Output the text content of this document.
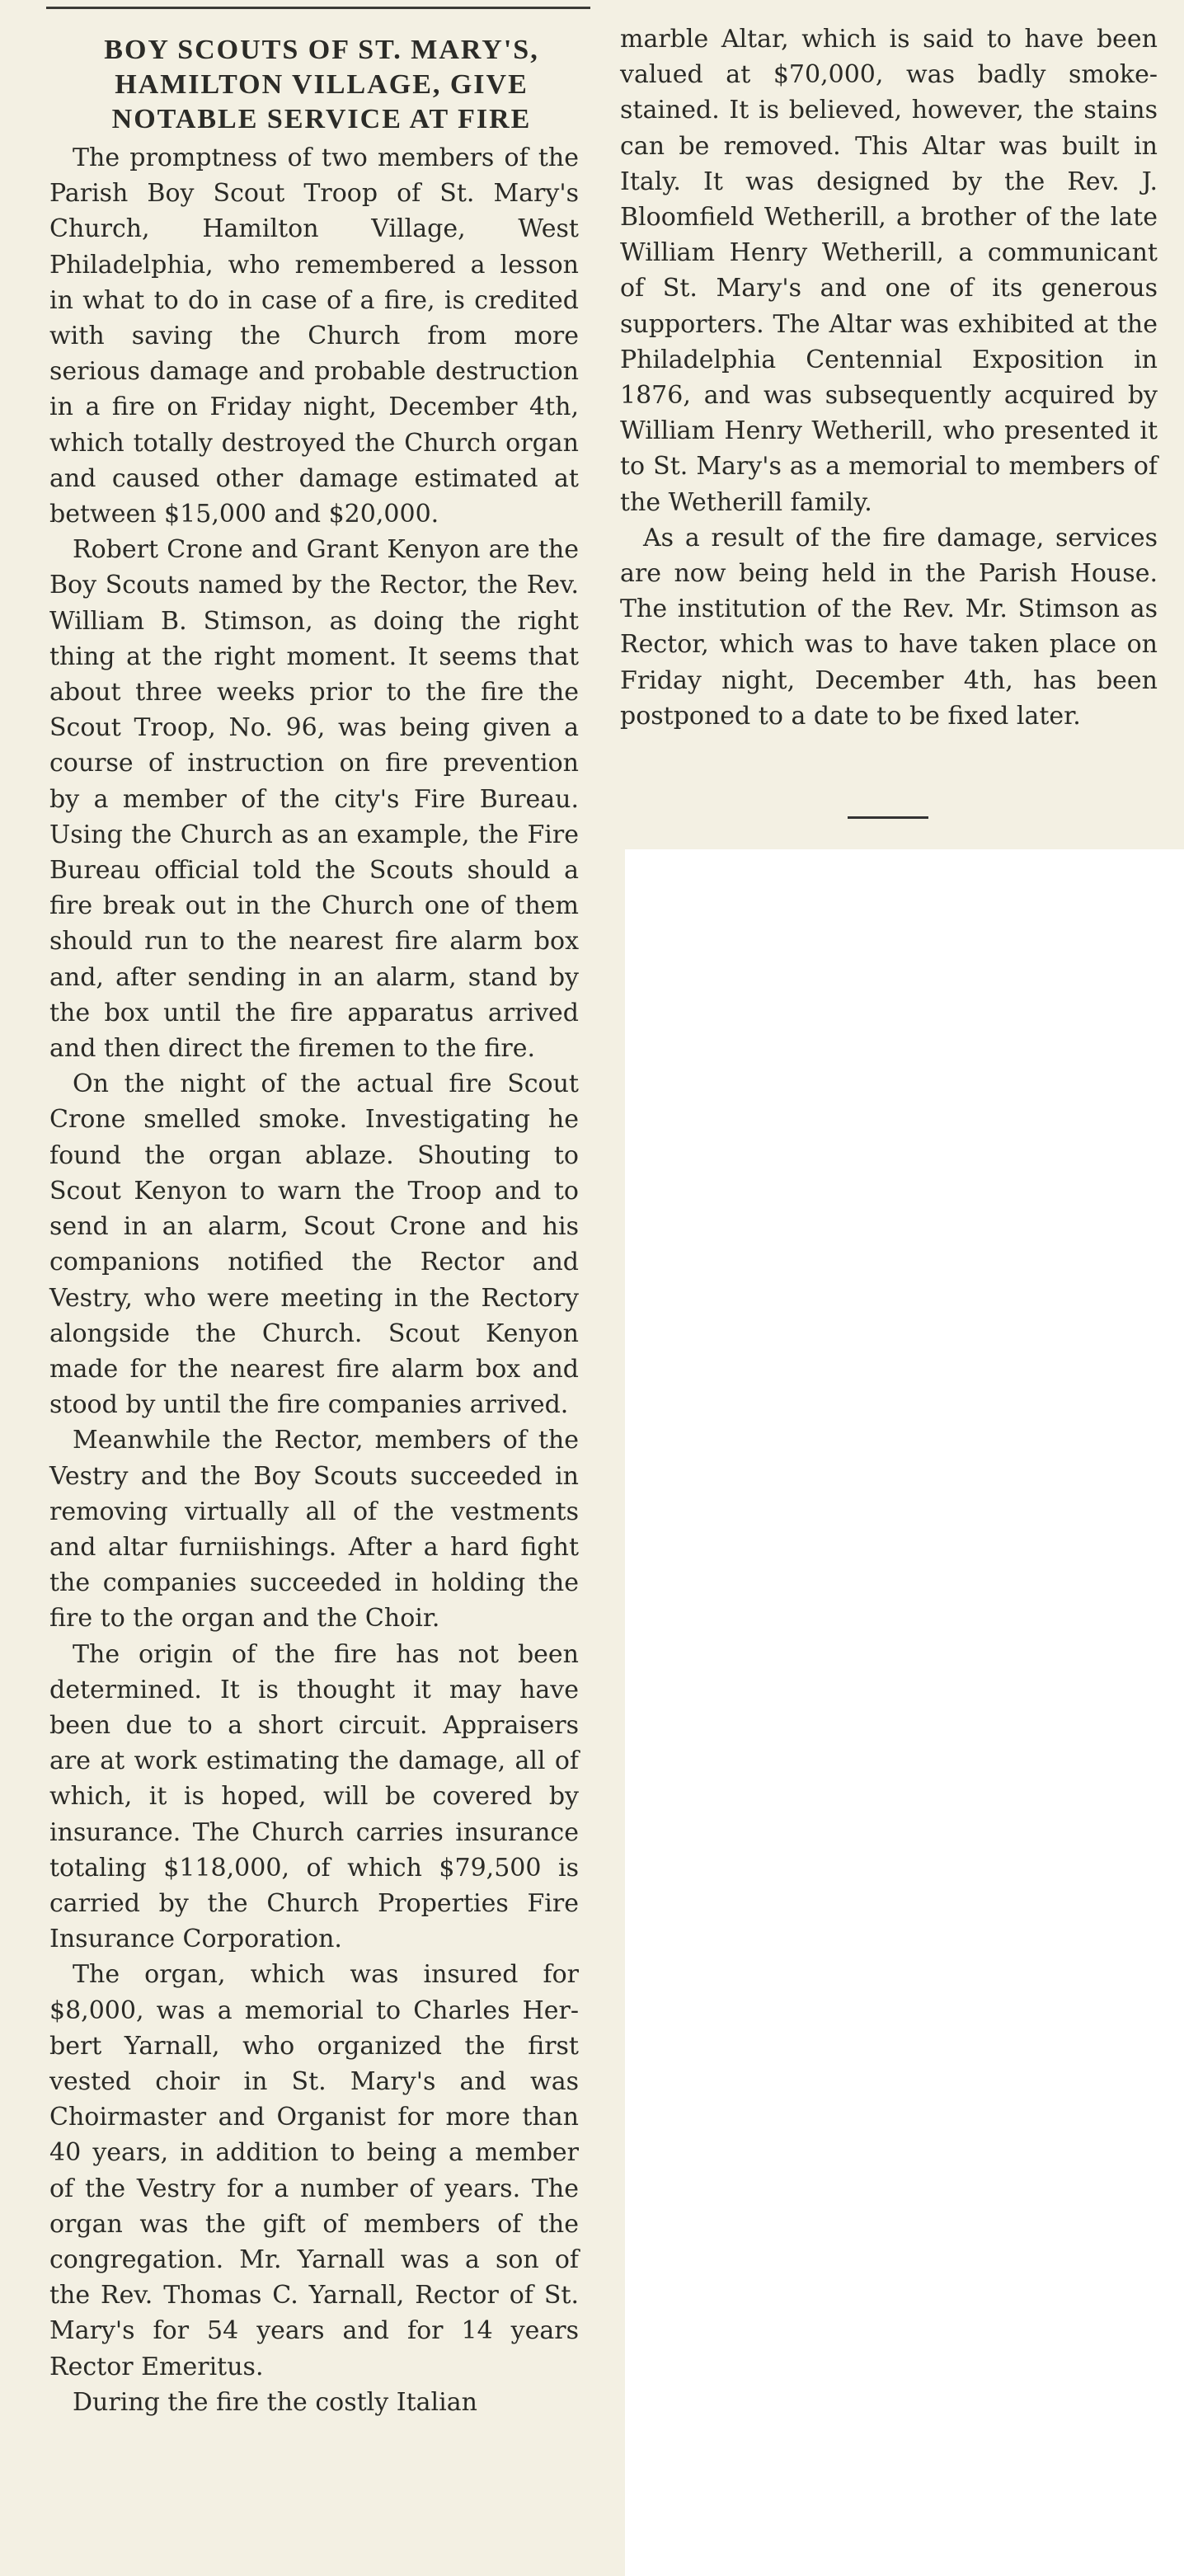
BOY SCOUTS OF ST. MARY'S, HAMILTON VILLAGE, GIVE NOTABLE SERVICE AT FIRE

The promptness of two members of the Parish Boy Scout Troop of St. Mary's Church, Hamilton Village, West Philadelphia, who remembered a lesson in what to do in case of a fire, is credited with saving the Church from more serious damage and probable destruction in a fire on Friday night, December 4th, which totally destroyed the Church organ and caused other damage estimated at between $15,000 and $20,000.

Robert Crone and Grant Kenyon are the Boy Scouts named by the Rector, the Rev. William B. Stimson, as doing the right thing at the right moment. It seems that about three weeks prior to the fire the Scout Troop, No. 96, was being given a course of instruction on fire prevention by a member of the city's Fire Bureau. Using the Church as an example, the Fire Bureau official told the Scouts should a fire break out in the Church one of them should run to the nearest fire alarm box and, after sending in an alarm, stand by the box until the fire apparatus arrived and then direct the firemen to the fire.

On the night of the actual fire Scout Crone smelled smoke. Investigating he found the organ ablaze. Shouting to Scout Kenyon to warn the Troop and to send in an alarm, Scout Crone and his companions notified the Rector and Vestry, who were meeting in the Rectory alongside the Church. Scout Kenyon made for the nearest fire alarm box and stood by until the fire companies arrived.

Meanwhile the Rector, members of the Vestry and the Boy Scouts succeeded in removing virtually all of the vestments and altar furniishings. After a hard fight the companies succeeded in holding the fire to the organ and the Choir.

The origin of the fire has not been determined. It is thought it may have been due to a short circuit. Appraisers are at work estimating the damage, all of which, it is hoped, will be covered by insurance. The Church carries insurance totaling $118,000, of which $79,500 is carried by the Church Properties Fire Insurance Corporation.

The organ, which was insured for $8,000, was a memorial to Charles Herbert Yarnall, who organized the first vested choir in St. Mary's and was Choirmaster and Organist for more than 40 years, in addition to being a member of the Vestry for a number of years. The organ was the gift of members of the congregation. Mr. Yarnall was a son of the Rev. Thomas C. Yarnall, Rector of St. Mary's for 54 years and for 14 years Rector Emeritus.

During the fire the costly Italian

marble Altar, which is said to have been valued at $70,000, was badly smoke-stained. It is believed, however, the stains can be removed. This Altar was built in Italy. It was designed by the Rev. J. Bloomfield Wetherill, a brother of the late William Henry Wetherill, a communicant of St. Mary's and one of its generous supporters. The Altar was exhibited at the Philadelphia Centennial Exposition in 1876, and was subsequently acquired by William Henry Wetherill, who presented it to St. Mary's as a memorial to members of the Wetherill family.

As a result of the fire damage, services are now being held in the Parish House. The institution of the Rev. Mr. Stimson as Rector, which was to have taken place on Friday night, December 4th, has been postponed to a date to be fixed later.
